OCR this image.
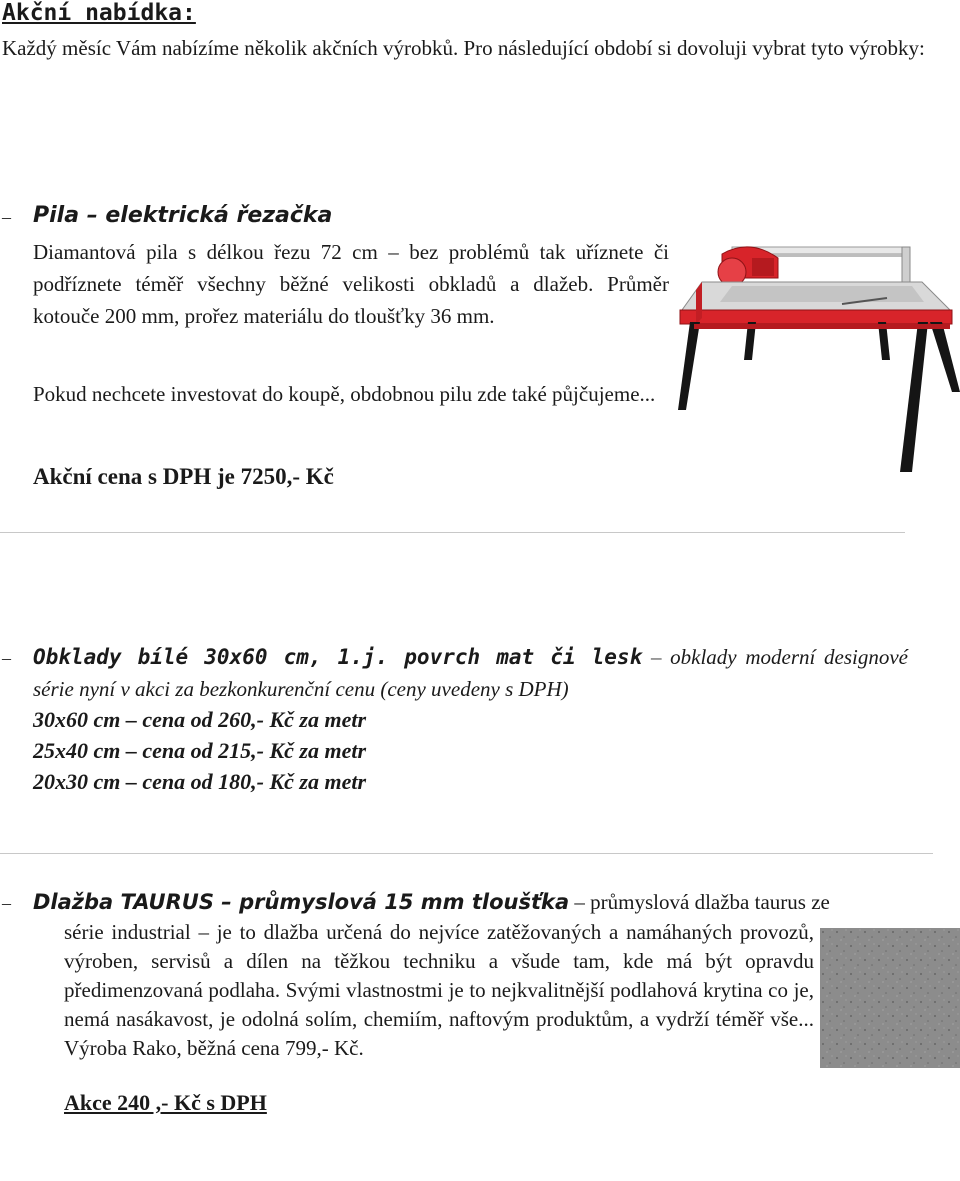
Akční nabídka:
Každý měsíc Vám nabízíme několik akčních výrobků. Pro následující období si dovoluji vybrat tyto výrobky:
– Pila – elektrická řezačka
Diamantová pila s délkou řezu 72 cm – bez problémů tak uříznete či podříznete téměř všechny běžné velikosti obkladů a dlažeb. Průměr kotouče 200 mm, prořez materiálu do tloušťky 36 mm.
Pokud nechcete investovat do koupě, obdobnou pilu zde také půjčujeme...
Akční cena s DPH je 7250,- Kč
– Obklady bílé 30x60 cm, 1.j. povrch mat či lesk – obklady moderní designové série nyní v akci za bezkonkurenční cenu (ceny uvedeny s DPH)
30x60 cm – cena od 260,- Kč za metr
25x40 cm – cena od 215,- Kč za metr
20x30 cm – cena od 180,- Kč za metr
– Dlažba TAURUS – průmyslová 15 mm tloušťka – průmyslová dlažba taurus ze
série industrial – je to dlažba určená do nejvíce zatěžovaných a namáhaných provozů, výroben, servisů a dílen na těžkou techniku a všude tam, kde má být opravdu předimenzovaná podlaha. Svými vlastnostmi je to nejkvalitnější podlahová krytina co je, nemá nasákavost, je odolná solím, chemiím, naftovým produktům, a vydrží téměř vše... Výroba Rako, běžná cena 799,- Kč.
Akce 240 ,- Kč s DPH
